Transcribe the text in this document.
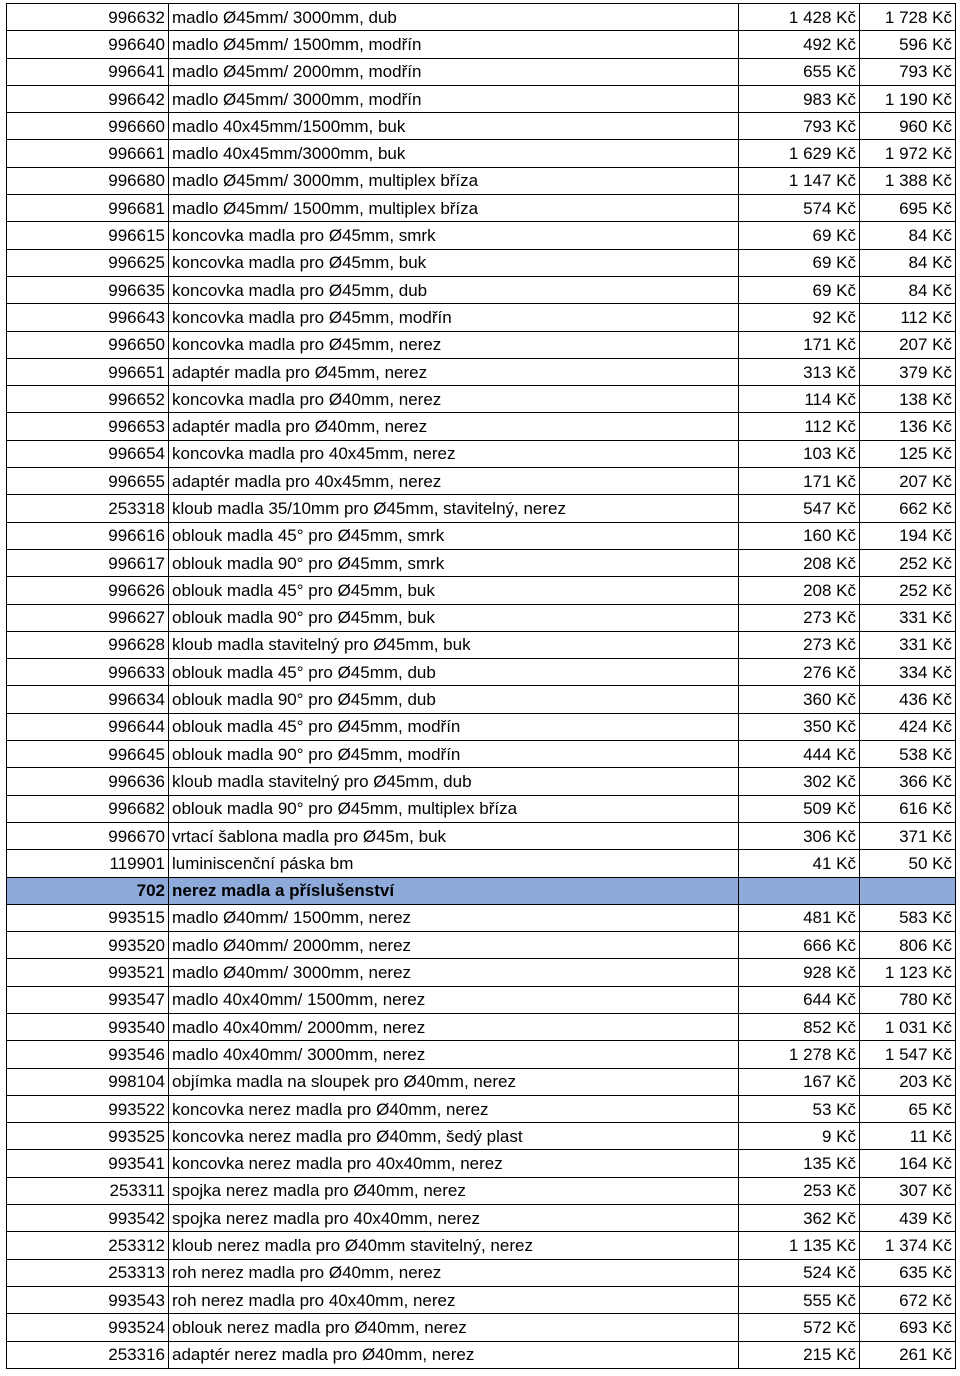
996632	madlo Ø45mm/ 3000mm, dub	1 428 Kč	1 728 Kč
996640	madlo Ø45mm/ 1500mm, modřín	492 Kč	596 Kč
996641	madlo Ø45mm/ 2000mm, modřín	655 Kč	793 Kč
996642	madlo Ø45mm/ 3000mm, modřín	983 Kč	1 190 Kč
996660	madlo 40x45mm/1500mm, buk	793 Kč	960 Kč
996661	madlo 40x45mm/3000mm, buk	1 629 Kč	1 972 Kč
996680	madlo Ø45mm/ 3000mm, multiplex bříza	1 147 Kč	1 388 Kč
996681	madlo Ø45mm/ 1500mm, multiplex bříza	574 Kč	695 Kč
996615	koncovka madla pro Ø45mm, smrk	69 Kč	84 Kč
996625	koncovka madla pro Ø45mm, buk	69 Kč	84 Kč
996635	koncovka madla pro Ø45mm, dub	69 Kč	84 Kč
996643	koncovka madla pro Ø45mm, modřín	92 Kč	112 Kč
996650	koncovka madla pro Ø45mm, nerez	171 Kč	207 Kč
996651	adaptér madla pro Ø45mm, nerez	313 Kč	379 Kč
996652	koncovka madla pro Ø40mm, nerez	114 Kč	138 Kč
996653	adaptér madla pro Ø40mm, nerez	112 Kč	136 Kč
996654	koncovka madla pro 40x45mm, nerez	103 Kč	125 Kč
996655	adaptér madla pro 40x45mm, nerez	171 Kč	207 Kč
253318	kloub madla 35/10mm pro Ø45mm, stavitelný, nerez	547 Kč	662 Kč
996616	oblouk madla 45° pro Ø45mm, smrk	160 Kč	194 Kč
996617	oblouk madla 90° pro Ø45mm, smrk	208 Kč	252 Kč
996626	oblouk madla 45° pro Ø45mm, buk	208 Kč	252 Kč
996627	oblouk madla 90° pro Ø45mm, buk	273 Kč	331 Kč
996628	kloub madla stavitelný pro Ø45mm, buk	273 Kč	331 Kč
996633	oblouk madla 45° pro Ø45mm, dub	276 Kč	334 Kč
996634	oblouk madla 90° pro Ø45mm, dub	360 Kč	436 Kč
996644	oblouk madla 45° pro Ø45mm, modřín	350 Kč	424 Kč
996645	oblouk madla 90° pro Ø45mm, modřín	444 Kč	538 Kč
996636	kloub madla stavitelný pro Ø45mm, dub	302 Kč	366 Kč
996682	oblouk madla 90° pro Ø45mm, multiplex bříza	509 Kč	616 Kč
996670	vrtací šablona madla pro Ø45m, buk	306 Kč	371 Kč
119901	luminiscenční páska bm	41 Kč	50 Kč
702	nerez madla a příslušenství		
993515	madlo Ø40mm/ 1500mm, nerez	481 Kč	583 Kč
993520	madlo Ø40mm/ 2000mm, nerez	666 Kč	806 Kč
993521	madlo Ø40mm/ 3000mm, nerez	928 Kč	1 123 Kč
993547	madlo 40x40mm/ 1500mm, nerez	644 Kč	780 Kč
993540	madlo 40x40mm/ 2000mm, nerez	852 Kč	1 031 Kč
993546	madlo 40x40mm/ 3000mm, nerez	1 278 Kč	1 547 Kč
998104	objímka madla na sloupek pro Ø40mm, nerez	167 Kč	203 Kč
993522	koncovka nerez madla pro Ø40mm, nerez	53 Kč	65 Kč
993525	koncovka nerez madla pro Ø40mm, šedý plast	9 Kč	11 Kč
993541	koncovka nerez madla pro 40x40mm, nerez	135 Kč	164 Kč
253311	spojka nerez madla pro Ø40mm, nerez	253 Kč	307 Kč
993542	spojka nerez madla pro 40x40mm, nerez	362 Kč	439 Kč
253312	kloub nerez madla pro Ø40mm stavitelný, nerez	1 135 Kč	1 374 Kč
253313	roh nerez madla pro Ø40mm, nerez	524 Kč	635 Kč
993543	roh nerez madla pro 40x40mm, nerez	555 Kč	672 Kč
993524	oblouk nerez madla pro Ø40mm, nerez	572 Kč	693 Kč
253316	adaptér nerez madla pro Ø40mm, nerez	215 Kč	261 Kč
